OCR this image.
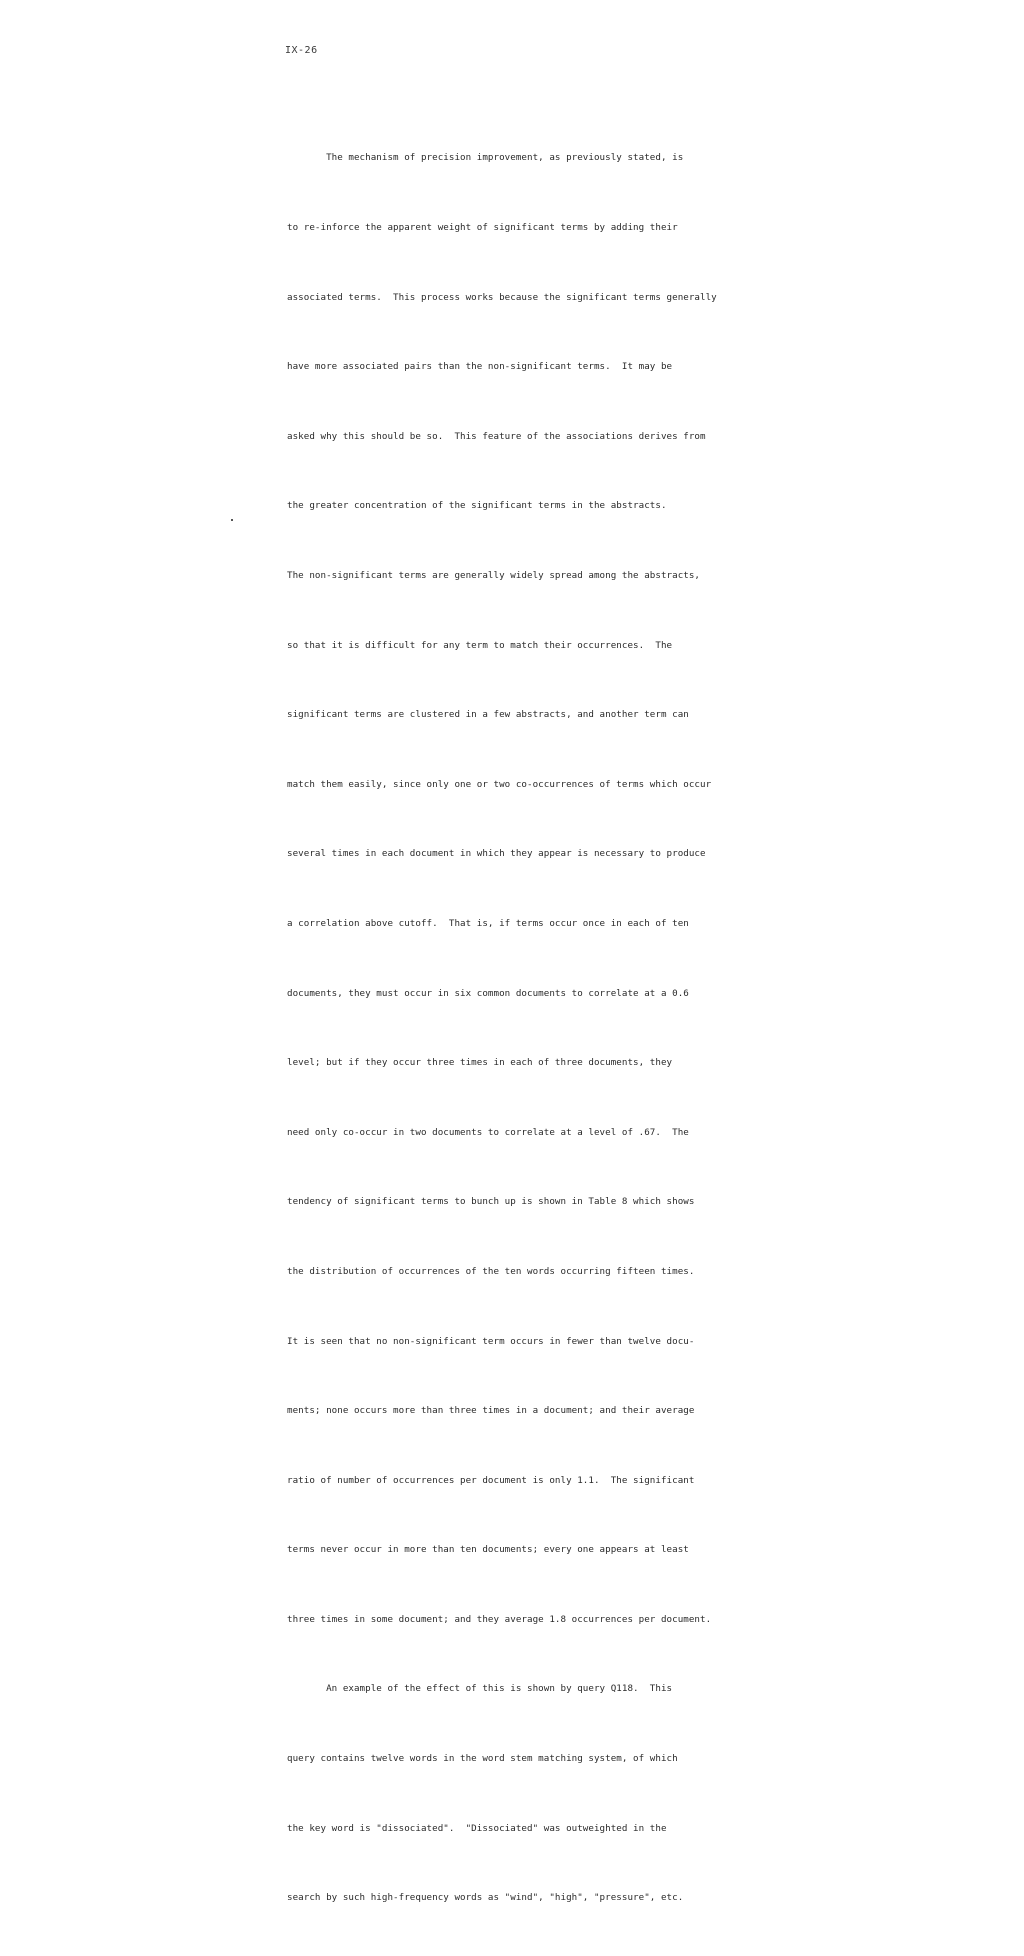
IX-26

The mechanism of precision improvement, as previously stated, is

to re-inforce the apparent weight of significant terms by adding their

associated terms.  This process works because the significant terms generally

have more associated pairs than the non-significant terms.  It may be

asked why this should be so.  This feature of the associations derives from

the greater concentration of the significant terms in the abstracts.

The non-significant terms are generally widely spread among the abstracts,

so that it is difficult for any term to match their occurrences.  The

significant terms are clustered in a few abstracts, and another term can

match them easily, since only one or two co-occurrences of terms which occur

several times in each document in which they appear is necessary to produce

a correlation above cutoff.  That is, if terms occur once in each of ten

documents, they must occur in six common documents to correlate at a 0.6

level; but if they occur three times in each of three documents, they

need only co-occur in two documents to correlate at a level of .67.  The

tendency of significant terms to bunch up is shown in Table 8 which shows

the distribution of occurrences of the ten words occurring fifteen times.

It is seen that no non-significant term occurs in fewer than twelve docu-

ments; none occurs more than three times in a document; and their average

ratio of number of occurrences per document is only 1.1.  The significant

terms never occur in more than ten documents; every one appears at least

three times in some document; and they average 1.8 occurrences per document.

An example of the effect of this is shown by query Q118.  This

query contains twelve words in the word stem matching system, of which

the key word is "dissociated".  "Dissociated" was outweighted in the

search by such high-frequency words as "wind", "high", "pressure", etc.
